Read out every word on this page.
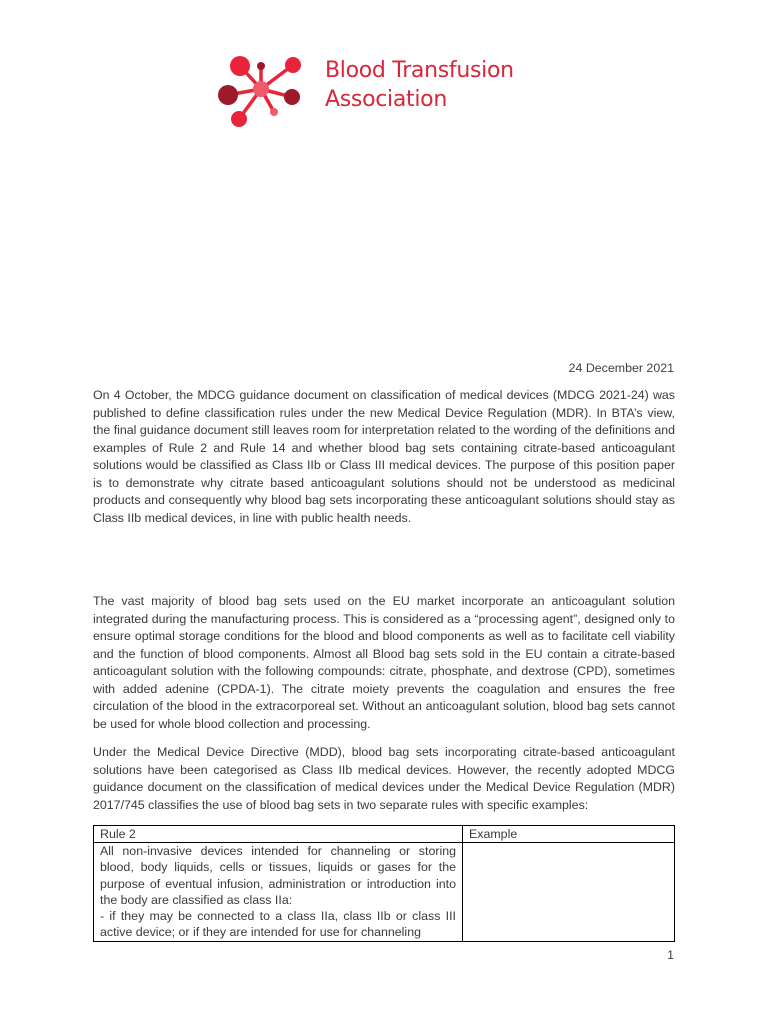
Blood Transfusion
Association
24 December 2021

On 4 October, the MDCG guidance document on classification of medical devices (MDCG 2021-24) was published to define classification rules under the new Medical Device Regulation (MDR). In BTA’s view, the final guidance document still leaves room for interpretation related to the wording of the definitions and examples of Rule 2 and Rule 14 and whether blood bag sets containing citrate-based anticoagulant solutions would be classified as Class IIb or Class III medical devices. The purpose of this position paper is to demonstrate why citrate based anticoagulant solutions should not be understood as medicinal products and consequently why blood bag sets incorporating these anticoagulant solutions should stay as Class IIb medical devices, in line with public health needs.

The vast majority of blood bag sets used on the EU market incorporate an anticoagulant solution integrated during the manufacturing process. This is considered as a “processing agent”, designed only to ensure optimal storage conditions for the blood and blood components as well as to facilitate cell viability and the function of blood components. Almost all Blood bag sets sold in the EU contain a citrate-based anticoagulant solution with the following compounds: citrate, phosphate, and dextrose (CPD), sometimes with added adenine (CPDA-1). The citrate moiety prevents the coagulation and ensures the free circulation of the blood in the extracorporeal set. Without an anticoagulant solution, blood bag sets cannot be used for whole blood collection and processing.

Under the Medical Device Directive (MDD), blood bag sets incorporating citrate-based anticoagulant solutions have been categorised as Class IIb medical devices. However, the recently adopted MDCG guidance document on the classification of medical devices under the Medical Device Regulation (MDR) 2017/745 classifies the use of blood bag sets in two separate rules with specific examples:

Rule 2	Example
All non-invasive devices intended for channeling or storing blood, body liquids, cells or tissues, liquids or gases for the purpose of eventual infusion, administration or introduction into the body are classified as class IIa:
- if they may be connected to a class IIa, class IIb or class III active device; or if they are intended for use for channeling	
1
